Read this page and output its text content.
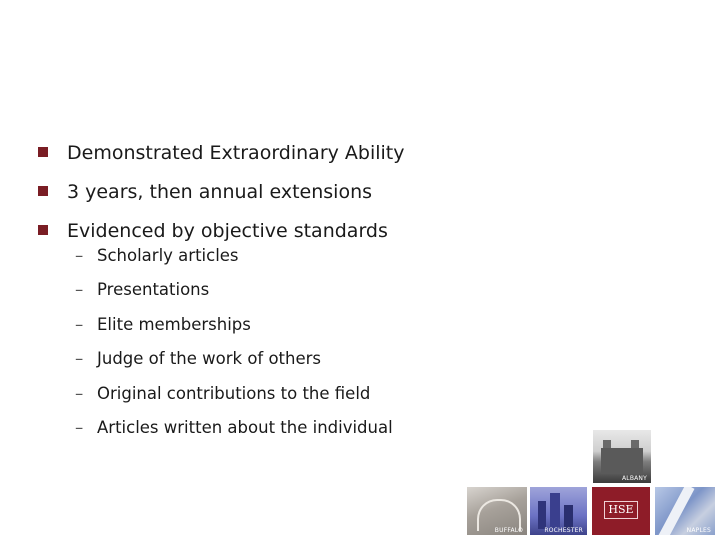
Demonstrated Extraordinary Ability
3 years, then annual extensions
Evidenced by objective standards
– Scholarly articles
– Presentations
– Elite memberships
– Judge of the work of others
– Original contributions to the field
– Articles written about the individual
ALBANY
BUFFALO	ROCHESTER
HSE
NAPLES
